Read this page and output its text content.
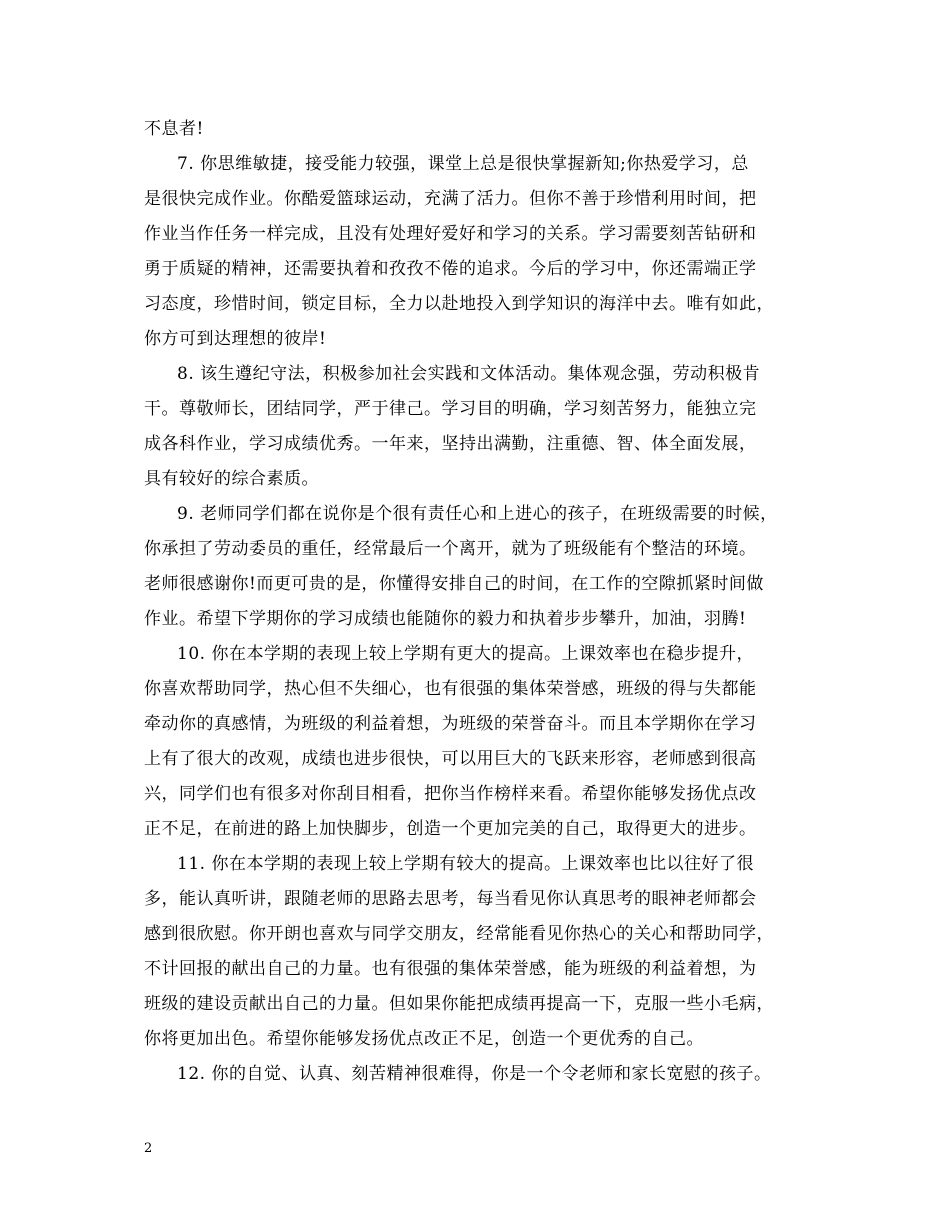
不息者!
7. 你思维敏捷，接受能力较强，课堂上总是很快掌握新知;你热爱学习，总
是很快完成作业。你酷爱篮球运动，充满了活力。但你不善于珍惜利用时间，把
作业当作任务一样完成，且没有处理好爱好和学习的关系。学习需要刻苦钻研和
勇于质疑的精神，还需要执着和孜孜不倦的追求。今后的学习中，你还需端正学
习态度，珍惜时间，锁定目标，全力以赴地投入到学知识的海洋中去。唯有如此，
你方可到达理想的彼岸!
8. 该生遵纪守法，积极参加社会实践和文体活动。集体观念强，劳动积极肯
干。尊敬师长，团结同学，严于律己。学习目的明确，学习刻苦努力，能独立完
成各科作业，学习成绩优秀。一年来，坚持出满勤，注重德、智、体全面发展，
具有较好的综合素质。
9. 老师同学们都在说你是个很有责任心和上进心的孩子，在班级需要的时候，
你承担了劳动委员的重任，经常最后一个离开，就为了班级能有个整洁的环境。
老师很感谢你!而更可贵的是，你懂得安排自己的时间，在工作的空隙抓紧时间做
作业。希望下学期你的学习成绩也能随你的毅力和执着步步攀升，加油，羽腾!
10. 你在本学期的表现上较上学期有更大的提高。上课效率也在稳步提升，
你喜欢帮助同学，热心但不失细心，也有很强的集体荣誉感，班级的得与失都能
牵动你的真感情，为班级的利益着想，为班级的荣誉奋斗。而且本学期你在学习
上有了很大的改观，成绩也进步很快，可以用巨大的飞跃来形容，老师感到很高
兴，同学们也有很多对你刮目相看，把你当作榜样来看。希望你能够发扬优点改
正不足，在前进的路上加快脚步，创造一个更加完美的自己，取得更大的进步。
11. 你在本学期的表现上较上学期有较大的提高。上课效率也比以往好了很
多，能认真听讲，跟随老师的思路去思考，每当看见你认真思考的眼神老师都会
感到很欣慰。你开朗也喜欢与同学交朋友，经常能看见你热心的关心和帮助同学，
不计回报的献出自己的力量。也有很强的集体荣誉感，能为班级的利益着想，为
班级的建设贡献出自己的力量。但如果你能把成绩再提高一下，克服一些小毛病，
你将更加出色。希望你能够发扬优点改正不足，创造一个更优秀的自己。
12. 你的自觉、认真、刻苦精神很难得，你是一个令老师和家长宽慰的孩子。
2
